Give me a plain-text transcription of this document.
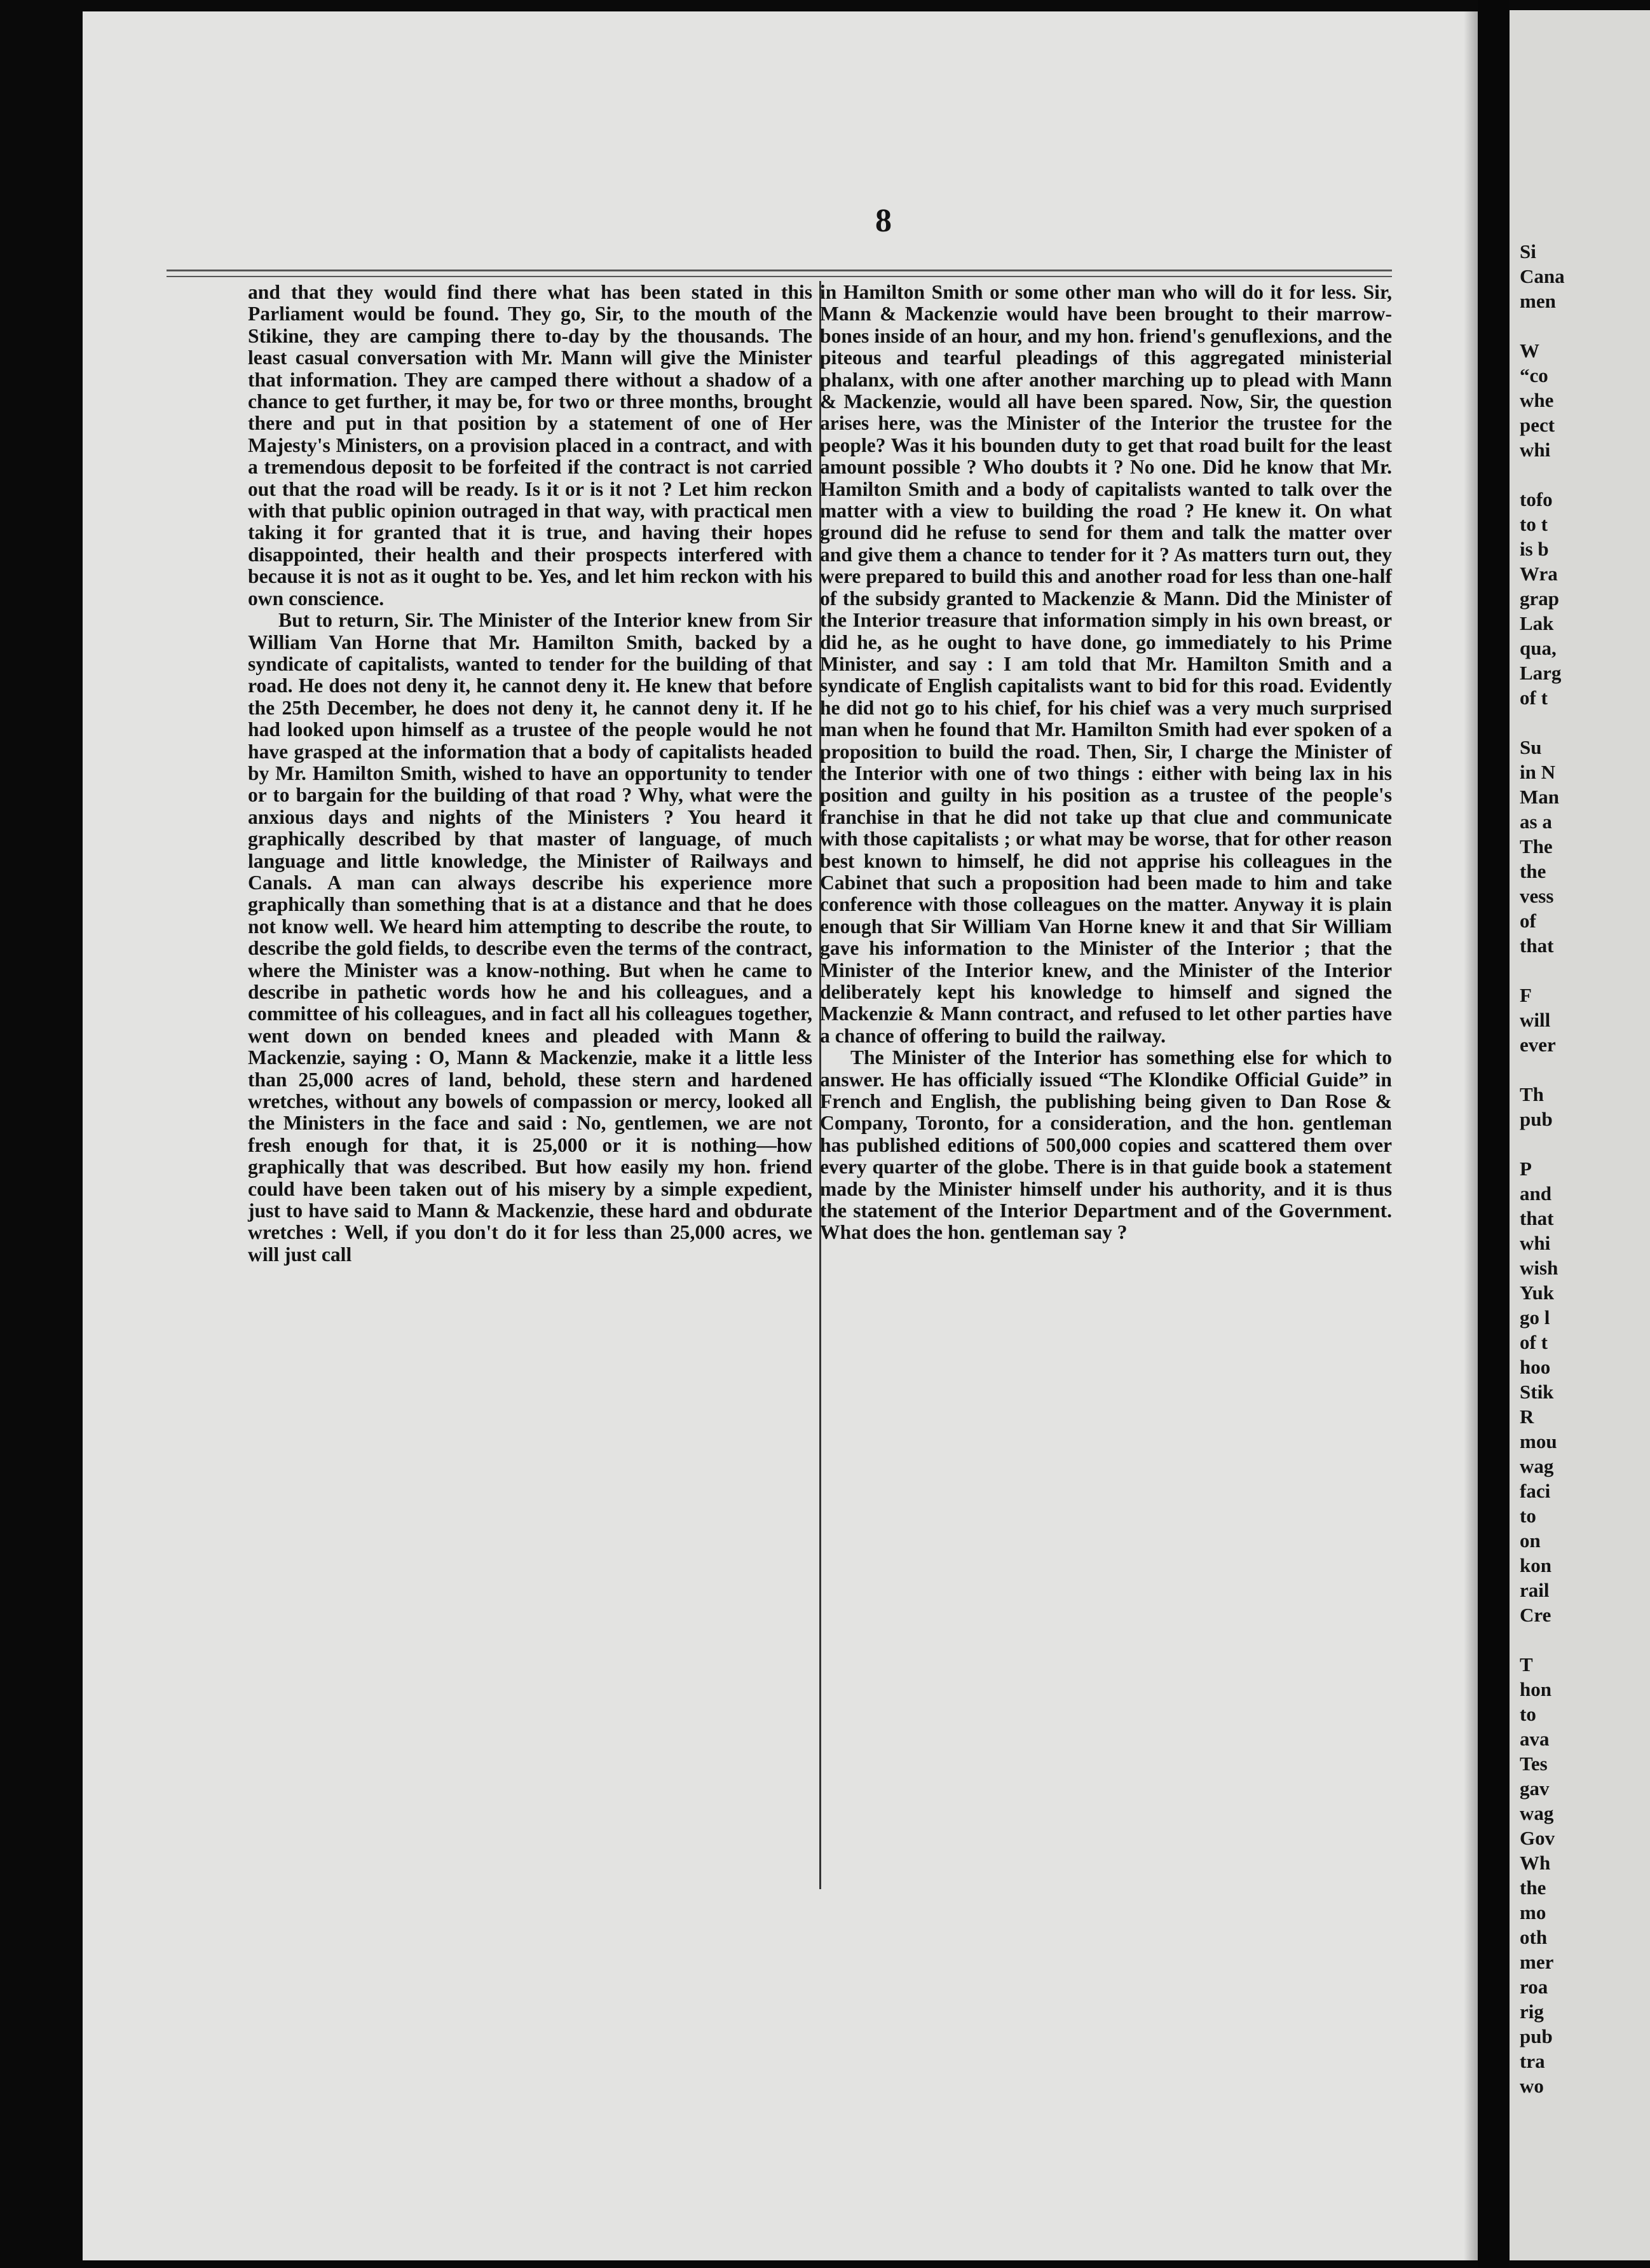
8

and that they would find there what has been stated in this Parliament would be found. They go, Sir, to the mouth of the Stikine, they are camping there to-day by the thousands. The least casual conversation with Mr. Mann will give the Minister that information. They are camped there without a shadow of a chance to get further, it may be, for two or three months, brought there and put in that position by a statement of one of Her Majesty's Ministers, on a provision placed in a contract, and with a tremendous deposit to be forfeited if the contract is not carried out that the road will be ready. Is it or is it not ? Let him reckon with that public opinion outraged in that way, with practical men taking it for granted that it is true, and having their hopes disappointed, their health and their prospects interfered with because it is not as it ought to be. Yes, and let him reckon with his own conscience.

But to return, Sir. The Minister of the Interior knew from Sir William Van Horne that Mr. Hamilton Smith, backed by a syndicate of capitalists, wanted to tender for the building of that road. He does not deny it, he cannot deny it. He knew that before the 25th December, he does not deny it, he cannot deny it. If he had looked upon himself as a trustee of the people would he not have grasped at the information that a body of capitalists headed by Mr. Hamilton Smith, wished to have an opportunity to tender or to bargain for the building of that road ? Why, what were the anxious days and nights of the Ministers ? You heard it graphically described by that master of language, of much language and little knowledge, the Minister of Railways and Canals. A man can always describe his experience more graphically than something that is at a distance and that he does not know well. We heard him attempting to describe the route, to describe the gold fields, to describe even the terms of the contract, where the Minister was a know-nothing. But when he came to describe in pathetic words how he and his colleagues, and a committee of his colleagues, and in fact all his colleagues together, went down on bended knees and pleaded with Mann & Mackenzie, saying : O, Mann & Mackenzie, make it a little less than 25,000 acres of land, behold, these stern and hardened wretches, without any bowels of compassion or mercy, looked all the Ministers in the face and said : No, gentlemen, we are not fresh enough for that, it is 25,000 or it is nothing—how graphically that was described. But how easily my hon. friend could have been taken out of his misery by a simple expedient, just to have said to Mann & Mackenzie, these hard and obdurate wretches : Well, if you don't do it for less than 25,000 acres, we will just call

in Hamilton Smith or some other man who will do it for less. Sir, Mann & Mackenzie would have been brought to their marrow-bones inside of an hour, and my hon. friend's genuflexions, and the piteous and tearful pleadings of this aggregated ministerial phalanx, with one after another marching up to plead with Mann & Mackenzie, would all have been spared. Now, Sir, the question arises here, was the Minister of the Interior the trustee for the people? Was it his bounden duty to get that road built for the least amount possible ? Who doubts it ? No one. Did he know that Mr. Hamilton Smith and a body of capitalists wanted to talk over the matter with a view to building the road ? He knew it. On what ground did he refuse to send for them and talk the matter over and give them a chance to tender for it ? As matters turn out, they were prepared to build this and another road for less than one-half of the subsidy granted to Mackenzie & Mann. Did the Minister of the Interior treasure that information simply in his own breast, or did he, as he ought to have done, go immediately to his Prime Minister, and say : I am told that Mr. Hamilton Smith and a syndicate of English capitalists want to bid for this road. Evidently he did not go to his chief, for his chief was a very much surprised man when he found that Mr. Hamilton Smith had ever spoken of a proposition to build the road. Then, Sir, I charge the Minister of the Interior with one of two things : either with being lax in his position and guilty in his position as a trustee of the people's franchise in that he did not take up that clue and communicate with those capitalists ; or what may be worse, that for other reason best known to himself, he did not apprise his colleagues in the Cabinet that such a proposition had been made to him and take conference with those colleagues on the matter. Anyway it is plain enough that Sir William Van Horne knew it and that Sir William gave his information to the Minister of the Interior ; that the Minister of the Interior knew, and the Minister of the Interior deliberately kept his knowledge to himself and signed the Mackenzie & Mann contract, and refused to let other parties have a chance of offering to build the railway.

The Minister of the Interior has something else for which to answer. He has officially issued “The Klondike Official Guide” in French and English, the publishing being given to Dan Rose & Company, Toronto, for a consideration, and the hon. gentleman has published editions of 500,000 copies and scattered them over every quarter of the globe. There is in that guide book a statement made by the Minister himself under his authority, and it is thus the statement of the Interior Department and of the Government. What does the hon. gentleman say ?

Si
Cana
men
W
“co
whe
pect
whi
tofo
to t
is b
Wra
grap
Lak
qua,
Larg
of t
Su
in N
Man
as a
The
the
vess
of
that
F
will
ever
Th
pub
P
and
that
whi
wish
Yuk
go l
of t
hoo
Stik
R
mou
wag
faci
to
on
kon
rail
Cre
T
hon
to
ava
Tes
gav
wag
Gov
Wh
the
mo
oth
mer
roa
rig
pub
tra
wo
